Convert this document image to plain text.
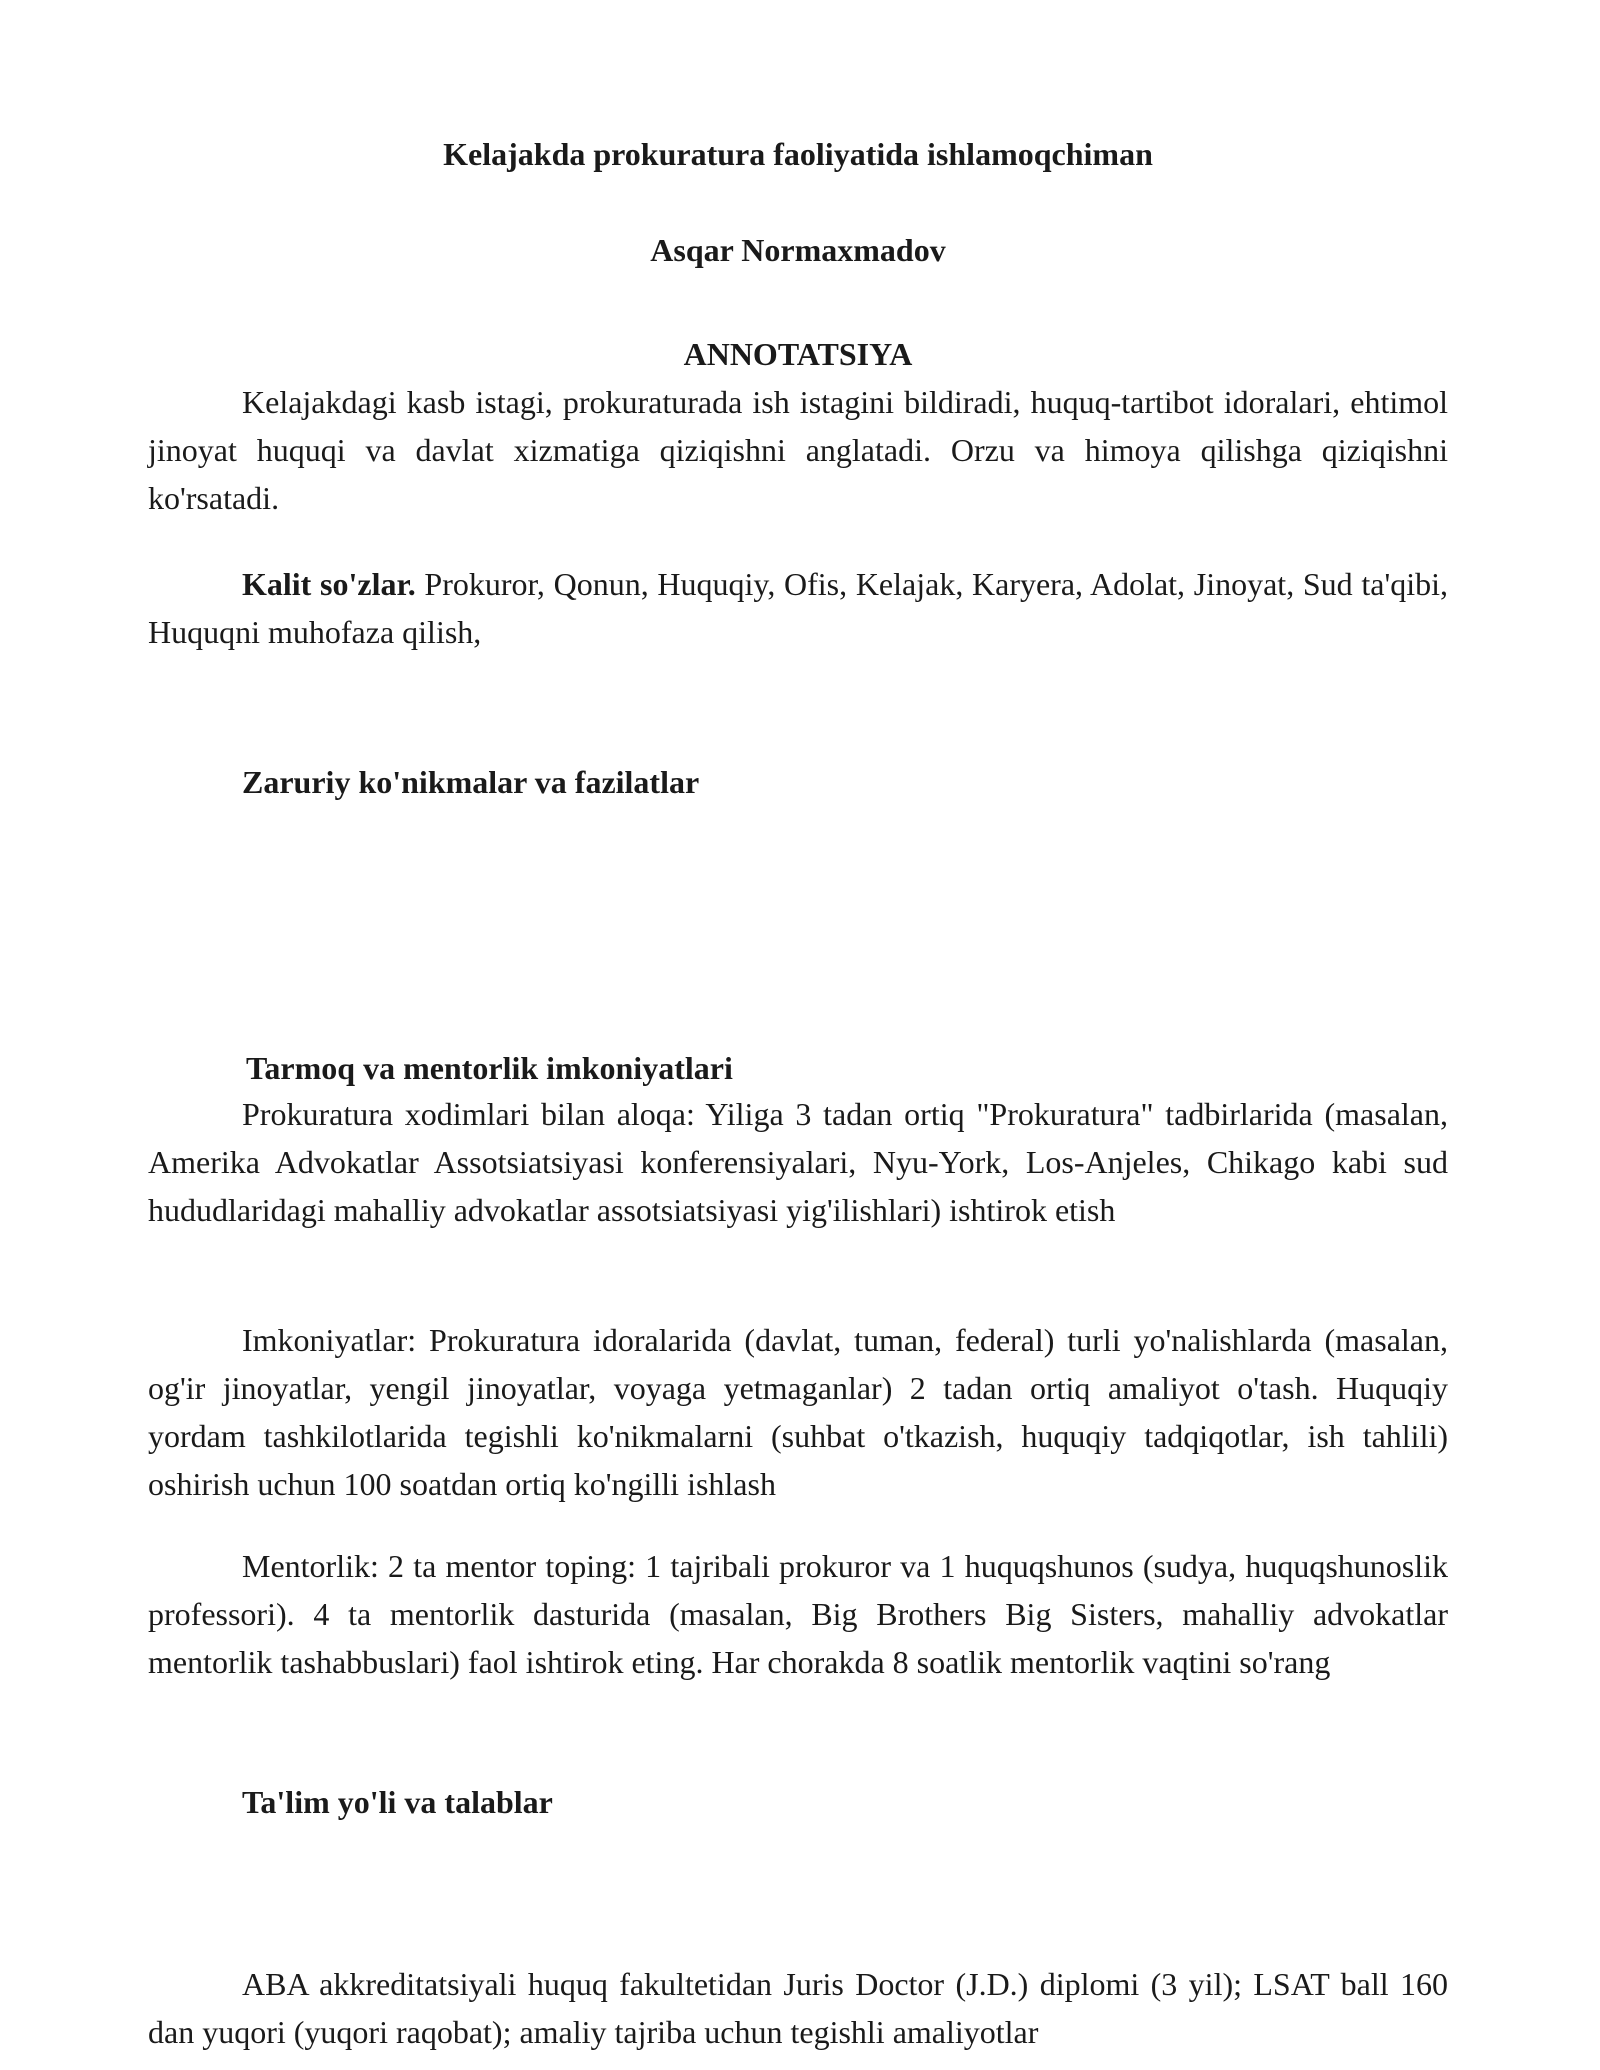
Kelajakda prokuratura faoliyatida ishlamoqchiman

Asqar Normaxmadov

ANNOTATSIYA

Kelajakdagi kasb istagi, prokuraturada ish istagini bildiradi, huquq-tartibot idoralari, ehtimol jinoyat huquqi va davlat xizmatiga qiziqishni anglatadi. Orzu va himoya qilishga qiziqishni ko'rsatadi.

Kalit so'zlar. Prokuror, Qonun, Huquqiy, Ofis, Kelajak, Karyera, Adolat, Jinoyat, Sud ta'qibi, Huquqni muhofaza qilish,

Zaruriy ko'nikmalar va fazilatlar

Tarmoq va mentorlik imkoniyatlari

Prokuratura xodimlari bilan aloqa: Yiliga 3 tadan ortiq "Prokuratura" tadbirlarida (masalan, Amerika Advokatlar Assotsiatsiyasi konferensiyalari, Nyu-York, Los-Anjeles, Chikago kabi sud hududlaridagi mahalliy advokatlar assotsiatsiyasi yig'ilishlari) ishtirok etish

Imkoniyatlar: Prokuratura idoralarida (davlat, tuman, federal) turli yo'nalishlarda (masalan, og'ir jinoyatlar, yengil jinoyatlar, voyaga yetmaganlar) 2 tadan ortiq amaliyot o'tash. Huquqiy yordam tashkilotlarida tegishli ko'nikmalarni (suhbat o'tkazish, huquqiy tadqiqotlar, ish tahlili) oshirish uchun 100 soatdan ortiq ko'ngilli ishlash

Mentorlik: 2 ta mentor toping: 1 tajribali prokuror va 1 huquqshunos (sudya, huquqshunoslik professori). 4 ta mentorlik dasturida (masalan, Big Brothers Big Sisters, mahalliy advokatlar mentorlik tashabbuslari) faol ishtirok eting. Har chorakda 8 soatlik mentorlik vaqtini so'rang

Ta'lim yo'li va talablar

ABA akkreditatsiyali huquq fakultetidan Juris Doctor (J.D.) diplomi (3 yil); LSAT ball 160 dan yuqori (yuqori raqobat); amaliy tajriba uchun tegishli amaliyotlar
